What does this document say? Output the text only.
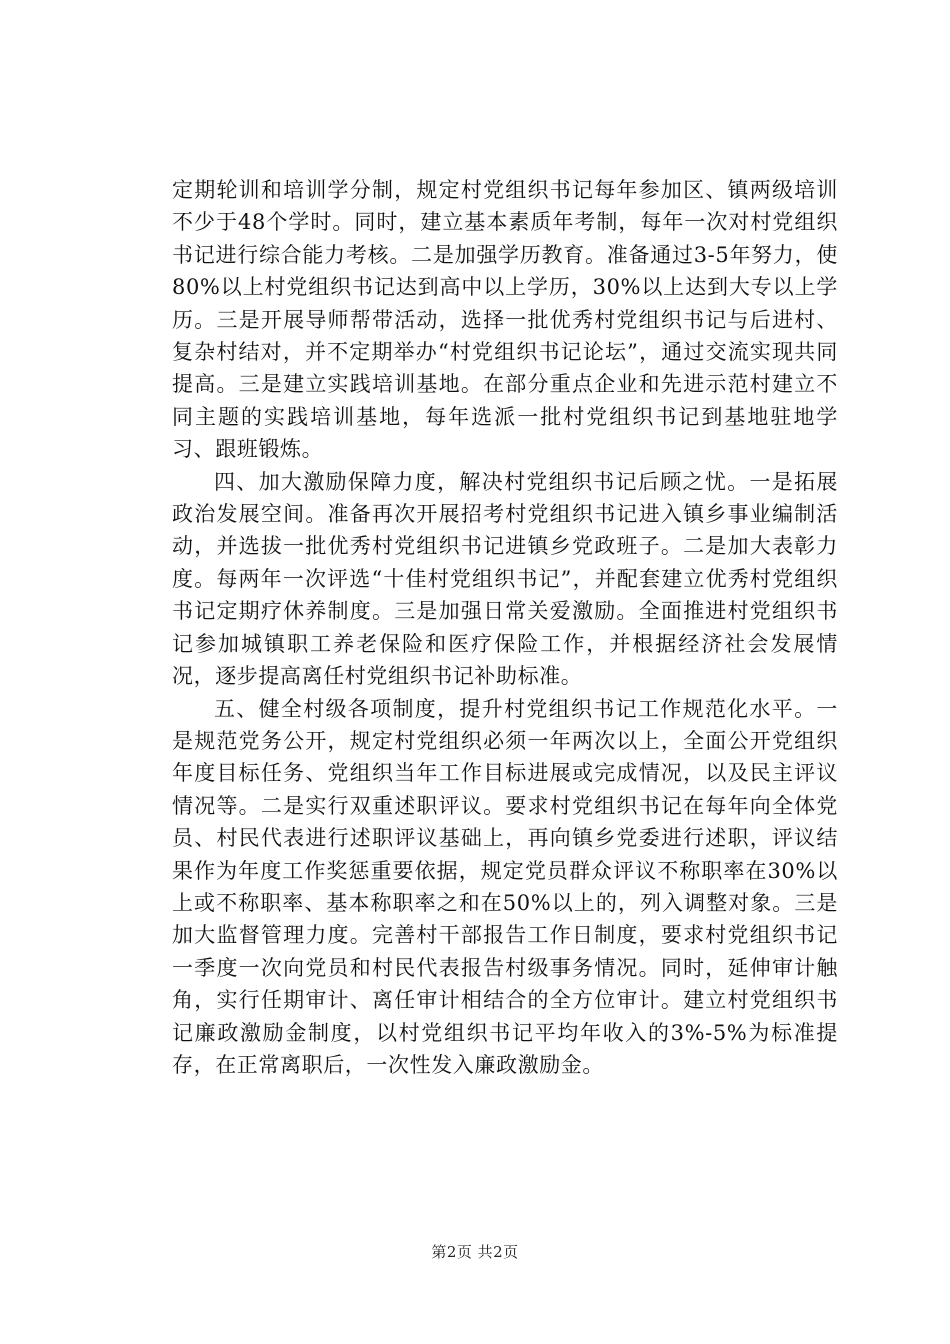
定期轮训和培训学分制，规定村党组织书记每年参加区、镇两级培训不少于48个学时。同时，建立基本素质年考制，每年一次对村党组织书记进行综合能力考核。二是加强学历教育。准备通过3-5年努力，使80%以上村党组织书记达到高中以上学历，30%以上达到大专以上学历。三是开展导师帮带活动，选择一批优秀村党组织书记与后进村、复杂村结对，并不定期举办“村党组织书记论坛”，通过交流实现共同提高。三是建立实践培训基地。在部分重点企业和先进示范村建立不同主题的实践培训基地，每年选派一批村党组织书记到基地驻地学习、跟班锻炼。

四、加大激励保障力度，解决村党组织书记后顾之忧。一是拓展政治发展空间。准备再次开展招考村党组织书记进入镇乡事业编制活动，并选拔一批优秀村党组织书记进镇乡党政班子。二是加大表彰力度。每两年一次评选“十佳村党组织书记”，并配套建立优秀村党组织书记定期疗休养制度。三是加强日常关爱激励。全面推进村党组织书记参加城镇职工养老保险和医疗保险工作，并根据经济社会发展情况，逐步提高离任村党组织书记补助标准。

五、健全村级各项制度，提升村党组织书记工作规范化水平。一是规范党务公开，规定村党组织必须一年两次以上，全面公开党组织年度目标任务、党组织当年工作目标进展或完成情况，以及民主评议情况等。二是实行双重述职评议。要求村党组织书记在每年向全体党员、村民代表进行述职评议基础上，再向镇乡党委进行述职，评议结果作为年度工作奖惩重要依据，规定党员群众评议不称职率在30%以上或不称职率、基本称职率之和在50%以上的，列入调整对象。三是加大监督管理力度。完善村干部报告工作日制度，要求村党组织书记一季度一次向党员和村民代表报告村级事务情况。同时，延伸审计触角，实行任期审计、离任审计相结合的全方位审计。建立村党组织书记廉政激励金制度，以村党组织书记平均年收入的3%-5%为标准提存，在正常离职后，一次性发入廉政激励金。

第2页 共2页
